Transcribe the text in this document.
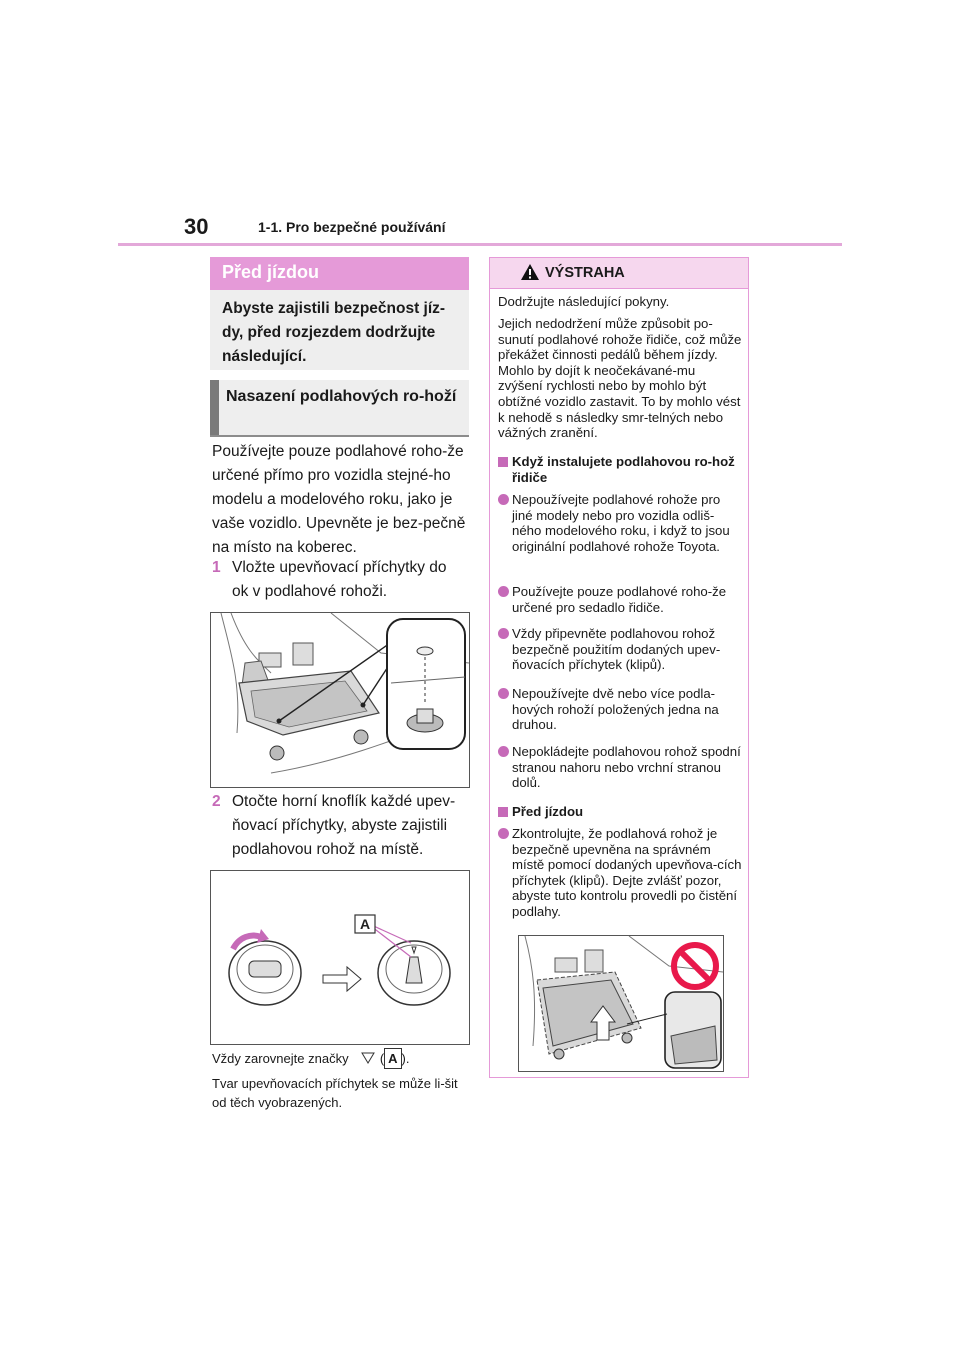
30	1-1. Pro bezpečné používání
Před jízdou
Abyste zajistili bezpečnost jíz-dy, před rozjezdem dodržujte následující.
Nasazení podlahových ro-hoží
Používejte pouze podlahové roho-že určené přímo pro vozidla stejné-ho modelu a modelového roku, jako je vaše vozidlo. Upevněte je bez-pečně na místo na koberec.
1 Vložte upevňovací příchytky do ok v podlahové rohoži.
2 Otočte horní knoflík každé upev-ňovací příchytky, abyste zajistili podlahovou rohož na místě.
A
Vždy zarovnejte značky  ( A ).
Tvar upevňovacích příchytek se může li-šit od těch vyobrazených.
VÝSTRAHA
Dodržujte následující pokyny.
Jejich nedodržení může způsobit po-sunutí podlahové rohože řidiče, což může překážet činnosti pedálů během jízdy. Mohlo by dojít k neočekávané-mu zvýšení rychlosti nebo by mohlo být obtížné vozidlo zastavit. To by mohlo vést k nehodě s následky smr-telných nebo vážných zranění.
Když instalujete podlahovou ro-hož řidiče
Nepoužívejte podlahové rohože pro jiné modely nebo pro vozidla odliš-ného modelového roku, i když to jsou originální podlahové rohože Toyota.
Používejte pouze podlahové roho-že určené pro sedadlo řidiče.
Vždy připevněte podlahovou rohož bezpečně použitím dodaných upev-ňovacích příchytek (klipů).
Nepoužívejte dvě nebo více podla-hových rohoží položených jedna na druhou.
Nepokládejte podlahovou rohož spodní stranou nahoru nebo vrchní stranou dolů.
Před jízdou
Zkontrolujte, že podlahová rohož je bezpečně upevněna na správném místě pomocí dodaných upevňova-cích příchytek (klipů). Dejte zvlášť pozor, abyste tuto kontrolu provedli po čistění podlahy.
